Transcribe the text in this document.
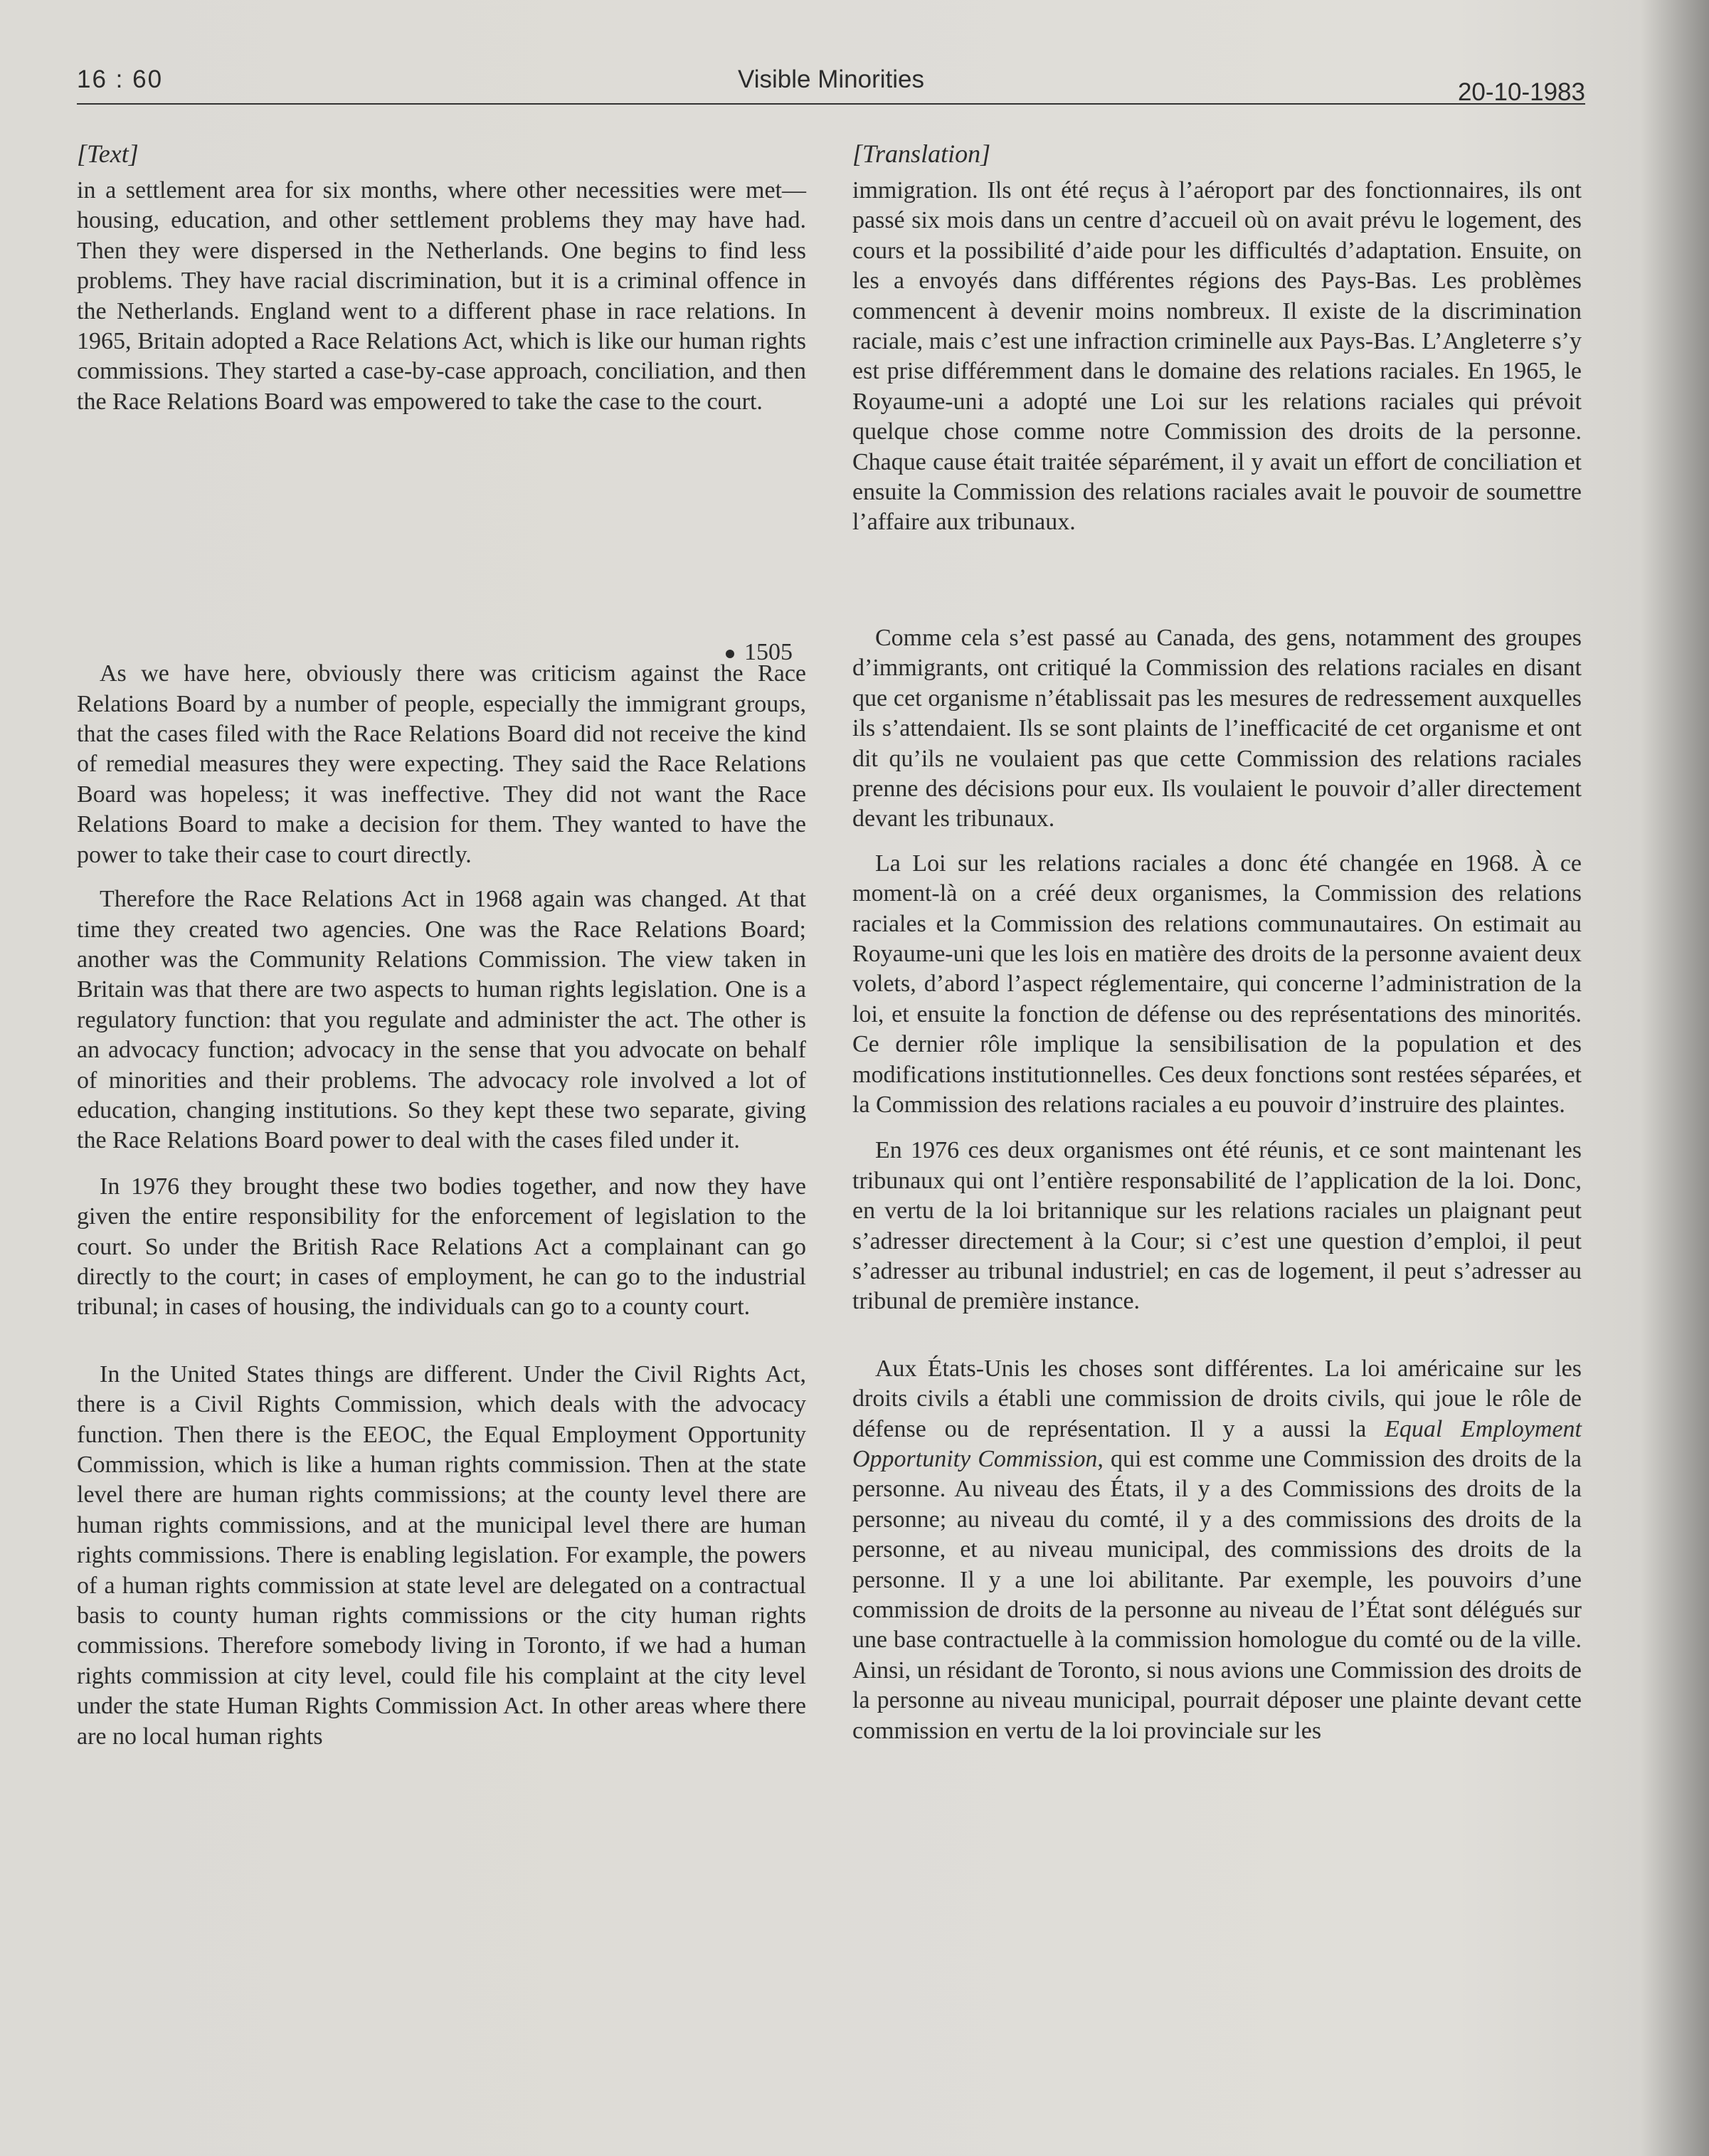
16 : 60	Visible Minorities	20-10-1983

[Text]

in a settlement area for six months, where other necessities were met—housing, education, and other settlement problems they may have had. Then they were dispersed in the Netherlands. One begins to find less problems. They have racial discrimination, but it is a criminal offence in the Netherlands. England went to a different phase in race relations. In 1965, Britain adopted a Race Relations Act, which is like our human rights commissions. They started a case-by-case approach, conciliation, and then the Race Relations Board was empowered to take the case to the court.

As we have here, obviously there was criticism against the Race Relations Board by a number of people, especially the immigrant groups, that the cases filed with the Race Relations Board did not receive the kind of remedial measures they were expecting. They said the Race Relations Board was hopeless; it was ineffective. They did not want the Race Relations Board to make a decision for them. They wanted to have the power to take their case to court directly.

Therefore the Race Relations Act in 1968 again was changed. At that time they created two agencies. One was the Race Relations Board; another was the Community Relations Commission. The view taken in Britain was that there are two aspects to human rights legislation. One is a regulatory function: that you regulate and administer the act. The other is an advocacy function; advocacy in the sense that you advocate on behalf of minorities and their problems. The advocacy role involved a lot of education, changing institutions. So they kept these two separate, giving the Race Relations Board power to deal with the cases filed under it.

In 1976 they brought these two bodies together, and now they have given the entire responsibility for the enforcement of legislation to the court. So under the British Race Relations Act a complainant can go directly to the court; in cases of employment, he can go to the industrial tribunal; in cases of housing, the individuals can go to a county court.

In the United States things are different. Under the Civil Rights Act, there is a Civil Rights Commission, which deals with the advocacy function. Then there is the EEOC, the Equal Employment Opportunity Commission, which is like a human rights commission. Then at the state level there are human rights commissions; at the county level there are human rights commissions, and at the municipal level there are human rights commissions. There is enabling legislation. For example, the powers of a human rights commission at state level are delegated on a contractual basis to county human rights commissions or the city human rights commissions. Therefore somebody living in Toronto, if we had a human rights commission at city level, could file his complaint at the city level under the state Human Rights Commission Act. In other areas where there are no local human rights

1505

[Translation]

immigration. Ils ont été reçus à l’aéroport par des fonctionnaires, ils ont passé six mois dans un centre d’accueil où on avait prévu le logement, des cours et la possibilité d’aide pour les difficultés d’adaptation. Ensuite, on les a envoyés dans différentes régions des Pays-Bas. Les problèmes commencent à devenir moins nombreux. Il existe de la discrimination raciale, mais c’est une infraction criminelle aux Pays-Bas. L’Angleterre s’y est prise différemment dans le domaine des relations raciales. En 1965, le Royaume-uni a adopté une Loi sur les relations raciales qui prévoit quelque chose comme notre Commission des droits de la personne. Chaque cause était traitée séparément, il y avait un effort de conciliation et ensuite la Commission des relations raciales avait le pouvoir de soumettre l’affaire aux tribunaux.

Comme cela s’est passé au Canada, des gens, notamment des groupes d’immigrants, ont critiqué la Commission des relations raciales en disant que cet organisme n’établissait pas les mesures de redressement auxquelles ils s’attendaient. Ils se sont plaints de l’inefficacité de cet organisme et ont dit qu’ils ne voulaient pas que cette Commission des relations raciales prenne des décisions pour eux. Ils voulaient le pouvoir d’aller directement devant les tribunaux.

La Loi sur les relations raciales a donc été changée en 1968. À ce moment-là on a créé deux organismes, la Commission des relations raciales et la Commission des relations communautaires. On estimait au Royaume-uni que les lois en matière des droits de la personne avaient deux volets, d’abord l’aspect réglementaire, qui concerne l’administration de la loi, et ensuite la fonction de défense ou des représentations des minorités. Ce dernier rôle implique la sensibilisation de la population et des modifications institutionnelles. Ces deux fonctions sont restées séparées, et la Commission des relations raciales a eu pouvoir d’instruire des plaintes.

En 1976 ces deux organismes ont été réunis, et ce sont maintenant les tribunaux qui ont l’entière responsabilité de l’application de la loi. Donc, en vertu de la loi britannique sur les relations raciales un plaignant peut s’adresser directement à la Cour; si c’est une question d’emploi, il peut s’adresser au tribunal industriel; en cas de logement, il peut s’adresser au tribunal de première instance.

Aux États-Unis les choses sont différentes. La loi américaine sur les droits civils a établi une commission de droits civils, qui joue le rôle de défense ou de représentation. Il y a aussi la Equal Employment Opportunity Commission, qui est comme une Commission des droits de la personne. Au niveau des États, il y a des Commissions des droits de la personne; au niveau du comté, il y a des commissions des droits de la personne, et au niveau municipal, des commissions des droits de la personne. Il y a une loi abilitante. Par exemple, les pouvoirs d’une commission de droits de la personne au niveau de l’État sont délégués sur une base contractuelle à la commission homologue du comté ou de la ville. Ainsi, un résidant de Toronto, si nous avions une Commission des droits de la personne au niveau municipal, pourrait déposer une plainte devant cette commission en vertu de la loi provinciale sur les
